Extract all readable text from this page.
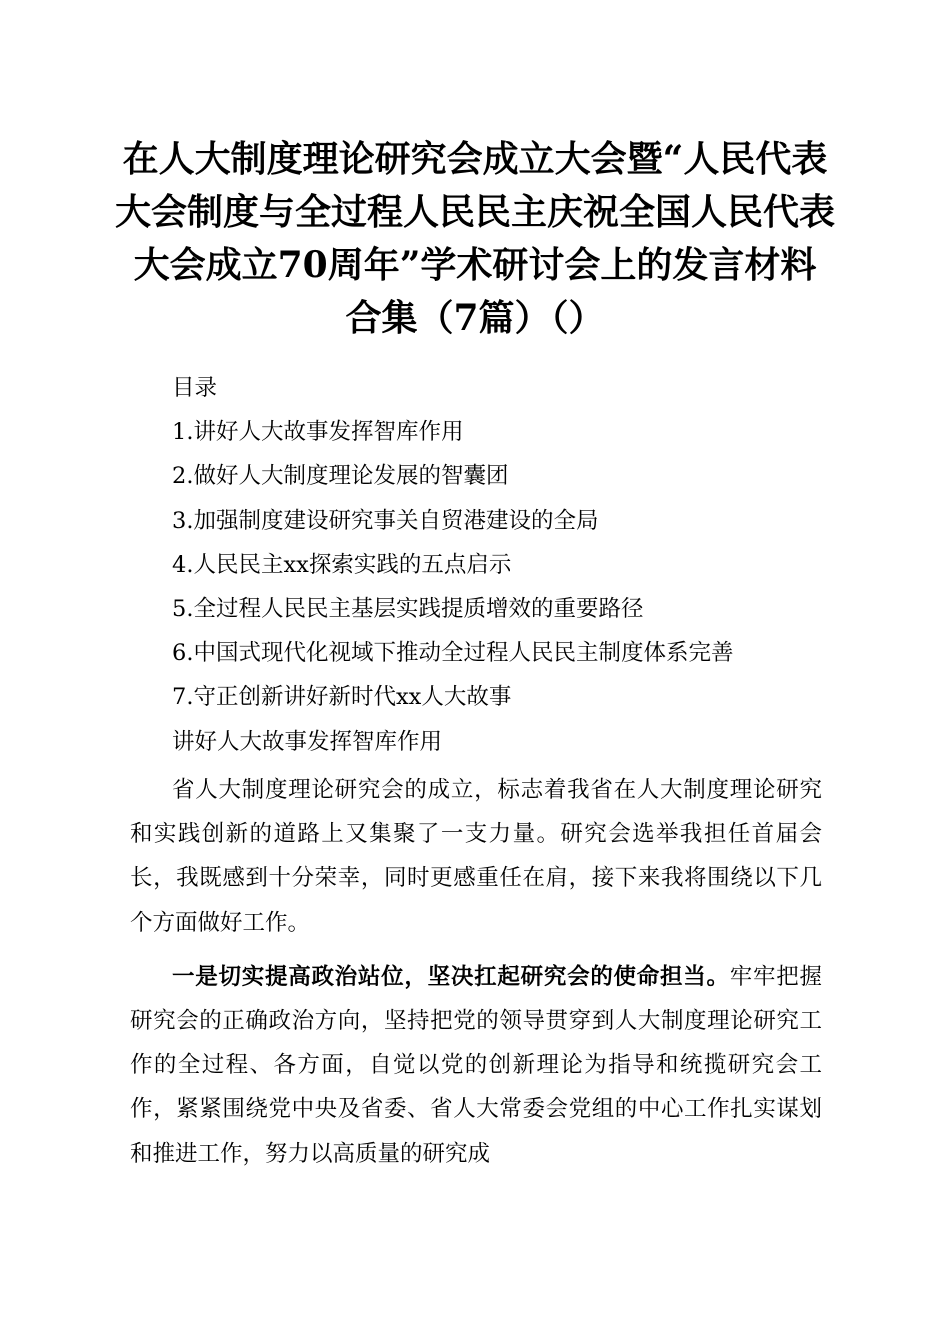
在人大制度理论研究会成立大会暨“人民代表
大会制度与全过程人民民主庆祝全国人民代表
大会成立70周年”学术研讨会上的发言材料
合集（7篇）（）
目录
1.讲好人大故事发挥智库作用
2.做好人大制度理论发展的智囊团
3.加强制度建设研究事关自贸港建设的全局
4.人民民主xx探索实践的五点启示
5.全过程人民民主基层实践提质增效的重要路径
6.中国式现代化视域下推动全过程人民民主制度体系完善
7.守正创新讲好新时代xx人大故事
讲好人大故事发挥智库作用

省人大制度理论研究会的成立，标志着我省在人大制度理论研究和实践创新的道路上又集聚了一支力量。研究会选举我担任首届会长，我既感到十分荣幸，同时更感重任在肩，接下来我将围绕以下几个方面做好工作。

一是切实提高政治站位，坚决扛起研究会的使命担当。牢牢把握研究会的正确政治方向，坚持把党的领导贯穿到人大制度理论研究工作的全过程、各方面，自觉以党的创新理论为指导和统揽研究会工作，紧紧围绕党中央及省委、省人大常委会党组的中心工作扎实谋划和推进工作，努力以高质量的研究成
